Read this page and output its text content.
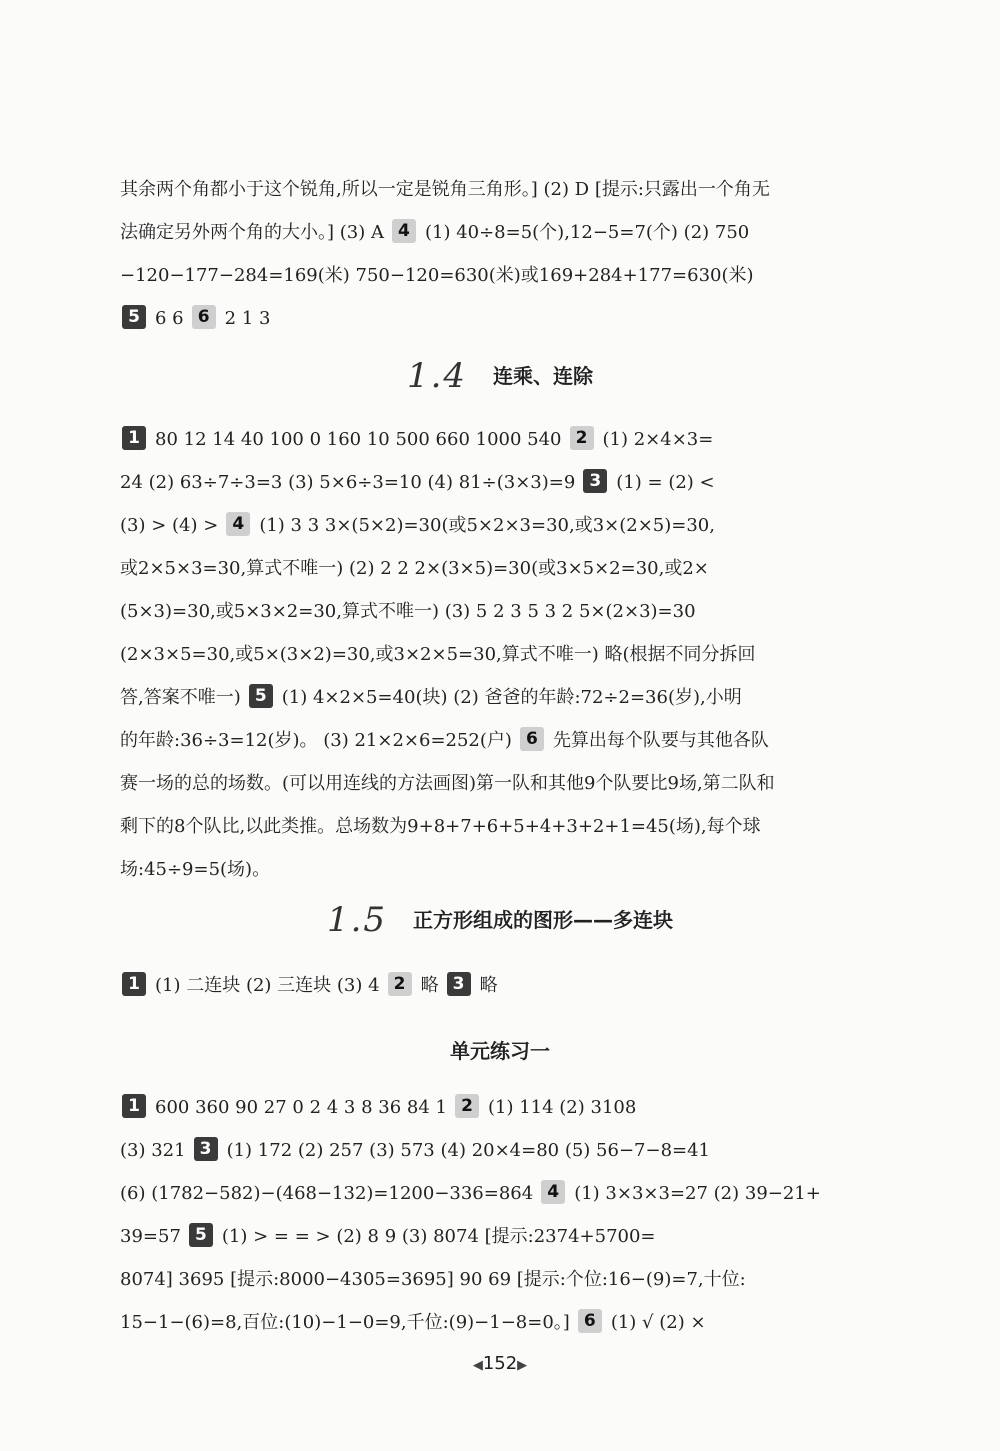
其余两个角都小于这个锐角,所以一定是锐角三角形。] (2) D [提示:只露出一个角无
法确定另外两个角的大小。] (3) A 4 (1) 40÷8=5(个),12−5=7(个) (2) 750
−120−177−284=169(米) 750−120=630(米)或169+284+177=630(米)
5 6 6 6 2 1 3
1.4 连乘、连除
1 80 12 14 40 100 0 160 10 500 660 1000 540 2 (1) 2×4×3=
24 (2) 63÷7÷3=3 (3) 5×6÷3=10 (4) 81÷(3×3)=9 3 (1) = (2) <
(3) > (4) > 4 (1) 3 3 3×(5×2)=30(或5×2×3=30,或3×(2×5)=30,
或2×5×3=30,算式不唯一) (2) 2 2 2×(3×5)=30(或3×5×2=30,或2×
(5×3)=30,或5×3×2=30,算式不唯一) (3) 5 2 3 5 3 2 5×(2×3)=30
(2×3×5=30,或5×(3×2)=30,或3×2×5=30,算式不唯一) 略(根据不同分拆回
答,答案不唯一) 5 (1) 4×2×5=40(块) (2) 爸爸的年龄:72÷2=36(岁),小明
的年龄:36÷3=12(岁)。 (3) 21×2×6=252(户) 6 先算出每个队要与其他各队
赛一场的总的场数。(可以用连线的方法画图)第一队和其他9个队要比9场,第二队和
剩下的8个队比,以此类推。总场数为9+8+7+6+5+4+3+2+1=45(场),每个球
场:45÷9=5(场)。
1.5 正方形组成的图形——多连块
1 (1) 二连块 (2) 三连块 (3) 4 2 略 3 略
单元练习一
1 600 360 90 27 0 2 4 3 8 36 84 1 2 (1) 114 (2) 3108
(3) 321 3 (1) 172 (2) 257 (3) 573 (4) 20×4=80 (5) 56−7−8=41
(6) (1782−582)−(468−132)=1200−336=864 4 (1) 3×3×3=27 (2) 39−21+
39=57 5 (1) > = = > (2) 8 9 (3) 8074 [提示:2374+5700=
8074] 3695 [提示:8000−4305=3695] 90 69 [提示:个位:16−(9)=7,十位:
15−1−(6)=8,百位:(10)−1−0=9,千位:(9)−1−8=0。] 6 (1) √ (2) ×
◀152▶
